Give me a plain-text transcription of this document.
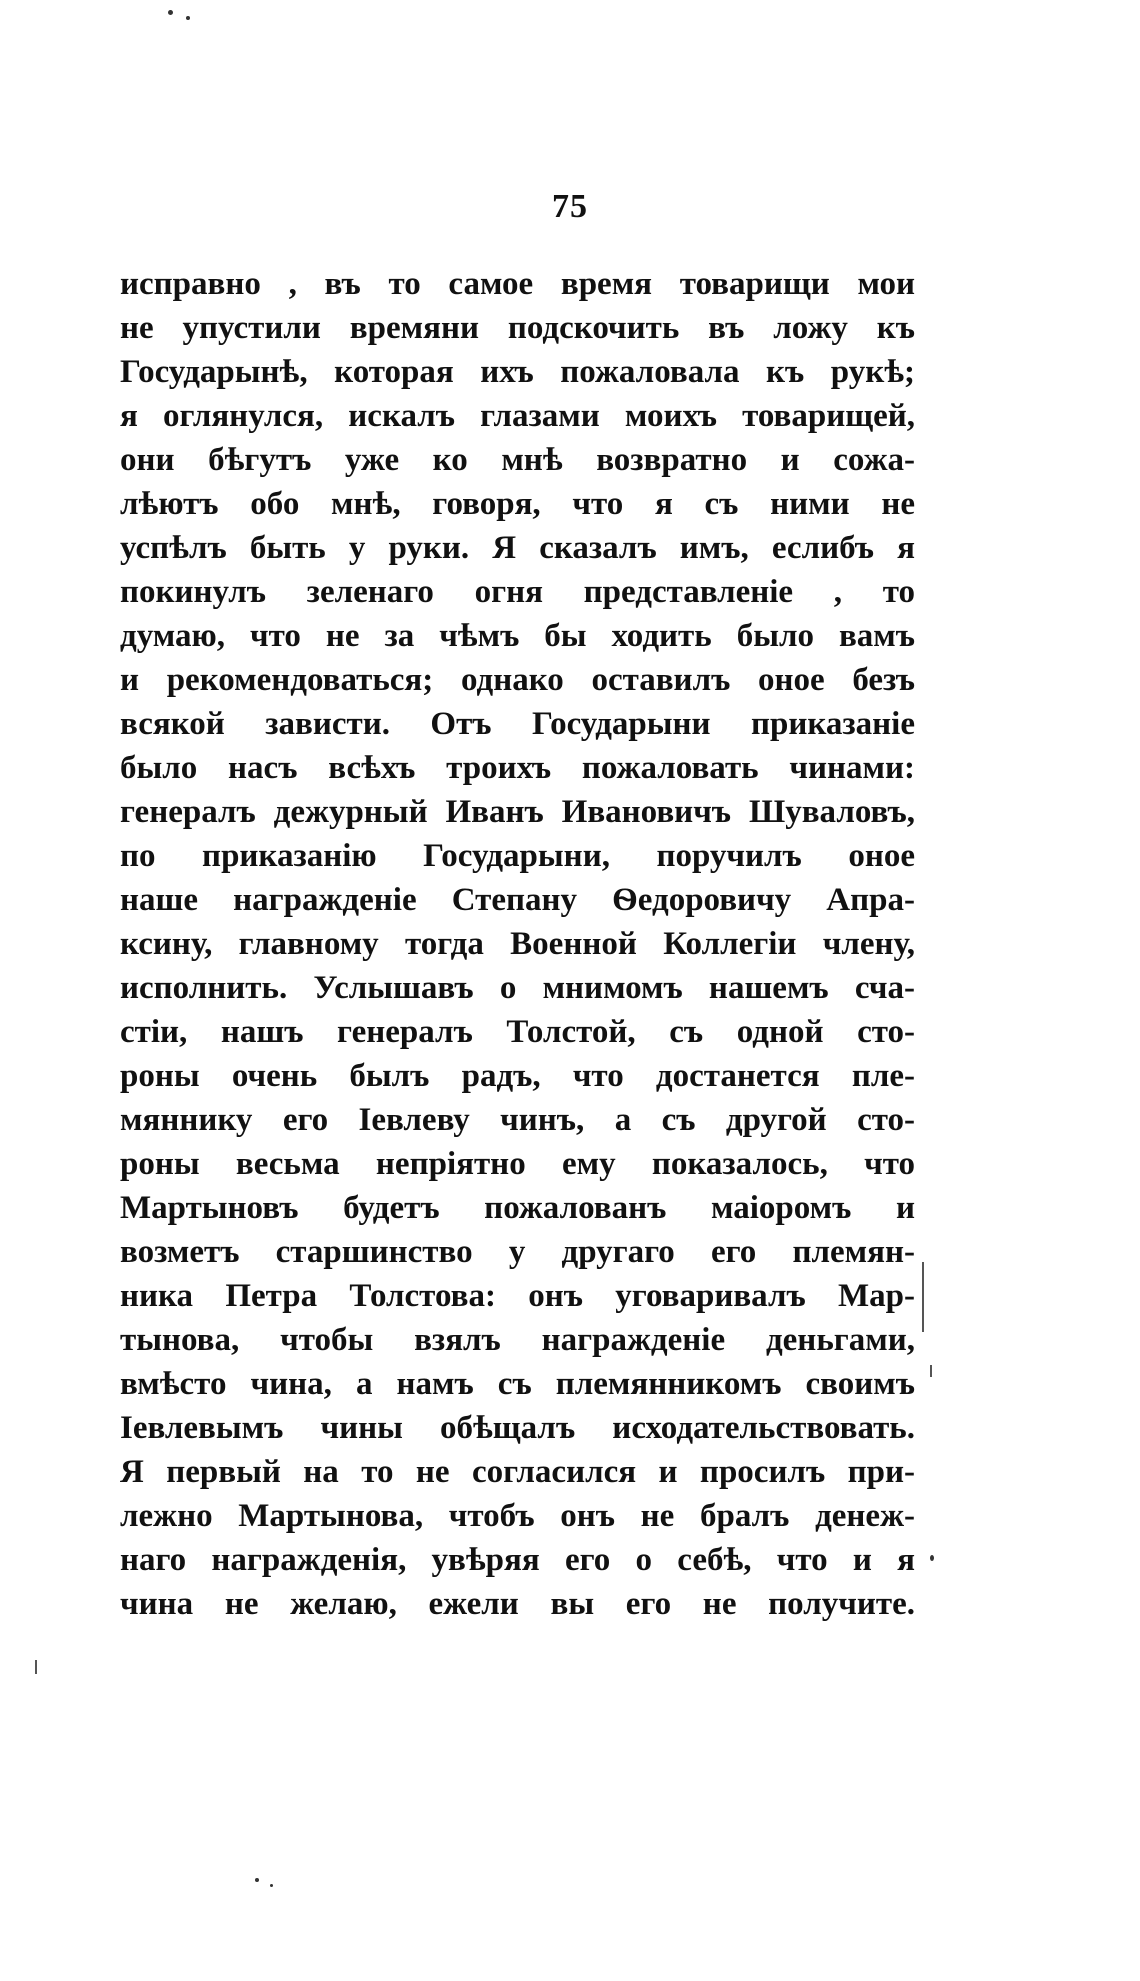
75
исправно , въ то самое время товарищи мои
не упустили времяни подскочить въ ложу къ
Государынѣ, которая ихъ пожаловала къ рукѣ;
я оглянулся, искалъ глазами моихъ товарищей,
они бѣгутъ уже ко мнѣ возвратно и сожа-
лѣютъ обо мнѣ, говоря, что я съ ними не
успѣлъ быть у руки. Я сказалъ имъ, еслибъ я
покинулъ зеленаго огня представленіе , то
думаю, что не за чѣмъ бы ходить было вамъ
и рекомендоваться; однако оставилъ оное безъ
всякой зависти. Отъ Государыни приказаніе
было насъ всѣхъ троихъ пожаловать чинами:
генералъ дежурный Иванъ Ивановичъ Шуваловъ,
по приказанію Государыни, поручилъ оное
наше награжденіе Степану Ѳедоровичу Апра-
ксину, главному тогда Военной Коллегіи члену,
исполнить. Услышавъ о мнимомъ нашемъ сча-
стіи, нашъ генералъ Толстой, съ одной сто-
роны очень былъ радъ, что достанется пле-
мяннику его Іевлеву чинъ, а съ другой сто-
роны весьма непріятно ему показалось, что
Мартыновъ будетъ пожалованъ маіоромъ и
возметъ старшинство у другаго его племян-
ника Петра Толстова: онъ уговаривалъ Мар-
тынова, чтобы взялъ награжденіе деньгами,
вмѣсто чина, а намъ съ племянникомъ своимъ
Іевлевымъ чины обѣщалъ исходательствовать.
Я первый на то не согласился и просилъ при-
лежно Мартынова, чтобъ онъ не бралъ денеж-
наго награжденія, увѣряя его о себѣ, что и я
чина не желаю, ежели вы его не получите.
